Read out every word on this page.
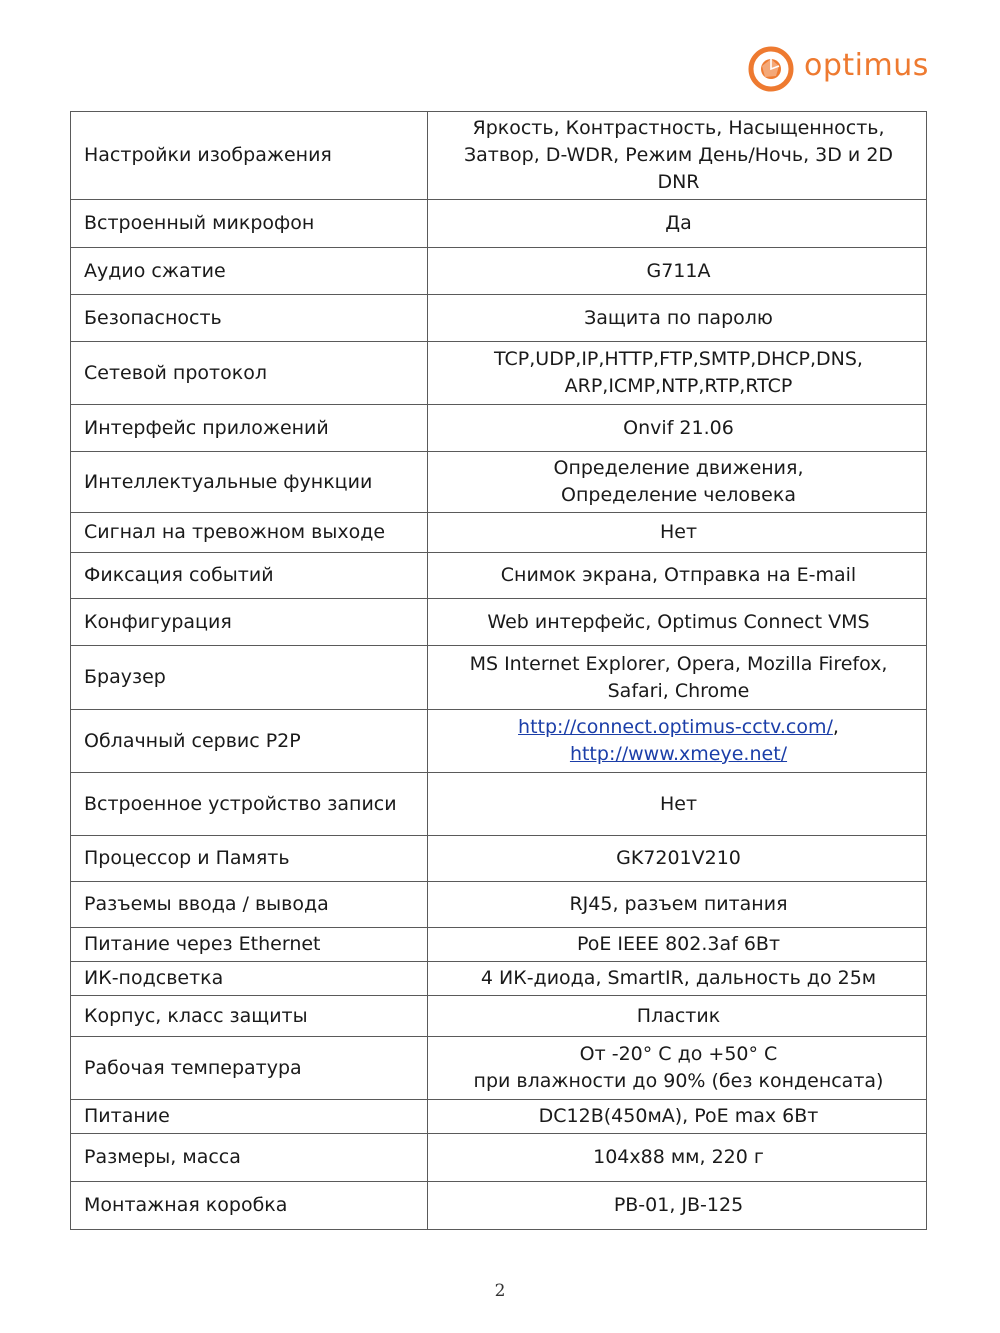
optimus
Настройки изображения	Яркость, Контрастность, Насыщенность,
Затвор, D-WDR, Режим День/Ночь, 3D и 2D DNR

Встроенный микрофон	Да
Аудио сжатие	G711A
Безопасность	Защита по паролю
Сетевой протокол	TCP,UDP,IP,HTTP,FTP,SMTP,DHCP,DNS,
ARP,ICMP,NTP,RTP,RTCP

Интерфейс приложений	Onvif 21.06
Интеллектуальные функции	Определение движения,
Определение человека

Сигнал на тревожном выходе	Нет
Фиксация событий	Снимок экрана, Отправка на E-mail
Конфигурация	Web интерфейс, Optimus Connect VMS
Браузер	MS Internet Explorer, Opera, Mozilla Firefox,
Safari, Chrome

Облачный сервис P2P	http://connect.optimus-cctv.com/,
http://www.xmeye.net/

Встроенное устройство записи	Нет
Процессор и Память	GK7201V210
Разъемы ввода / вывода	RJ45, разъем питания
Питание через Ethernet	PoE IEEE 802.3af 6Вт
ИК-подсветка	4 ИК-диода, SmartIR, дальность до 25м
Корпус, класс защиты	Пластик
Рабочая температура	От -20° С до +50° С
при влажности до 90% (без конденсата)

Питание	DC12В(450мА), PoE max 6Вт
Размеры, масса	104x88 мм, 220 г
Монтажная коробка	PB-01, JB-125
2
